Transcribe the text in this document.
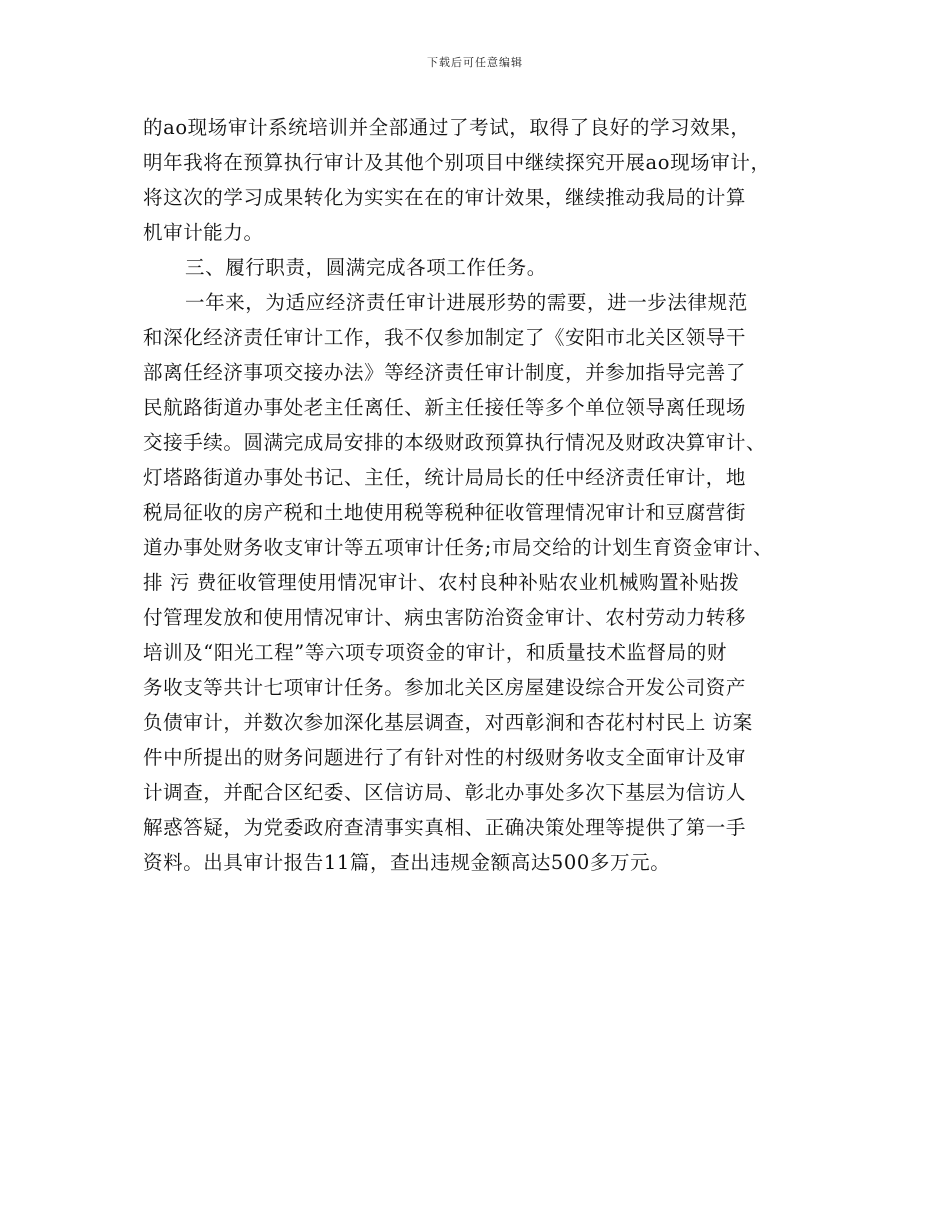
下载后可任意编辑
的ao现场审计系统培训并全部通过了考试，取得了良好的学习效果，
明年我将在预算执行审计及其他个别项目中继续探究开展ao现场审计，
将这次的学习成果转化为实实在在的审计效果，继续推动我局的计算
机审计能力。
三、履行职责，圆满完成各项工作任务。
一年来，为适应经济责任审计进展形势的需要，进一步法律规范
和深化经济责任审计工作，我不仅参加制定了《安阳市北关区领导干
部离任经济事项交接办法》等经济责任审计制度，并参加指导完善了
民航路街道办事处老主任离任、新主任接任等多个单位领导离任现场
交接手续。圆满完成局安排的本级财政预算执行情况及财政决算审计、
灯塔路街道办事处书记、主任，统计局局长的任中经济责任审计，地
税局征收的房产税和土地使用税等税种征收管理情况审计和豆腐营街
道办事处财务收支审计等五项审计任务;市局交给的计划生育资金审计、
排 污 费征收管理使用情况审计、农村良种补贴农业机械购置补贴拨
付管理发放和使用情况审计、病虫害防治资金审计、农村劳动力转移
培训及“阳光工程”等六项专项资金的审计，和质量技术监督局的财
务收支等共计七项审计任务。参加北关区房屋建设综合开发公司资产
负债审计，并数次参加深化基层调查，对西彰涧和杏花村村民上 访案
件中所提出的财务问题进行了有针对性的村级财务收支全面审计及审
计调查，并配合区纪委、区信访局、彰北办事处多次下基层为信访人
解惑答疑，为党委政府查清事实真相、正确决策处理等提供了第一手
资料。出具审计报告11篇，查出违规金额高达500多万元。
